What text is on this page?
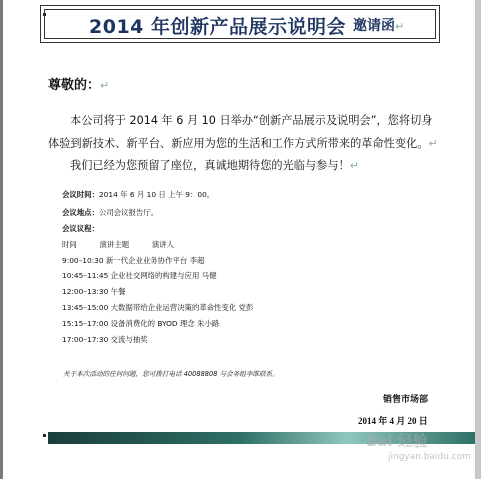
2014 年创新产品展示说明会 邀请函↵
尊敬的：↵
本公司将于 2014 年 6 月 10 日举办“创新产品展示及说明会”，您将切身
体验到新技术、新平台、新应用为您的生活和工作方式所带来的革命性变化。↵
我们已经为您预留了座位，真诚地期待您的光临与参与！↵
会议时间：2014 年 6 月 10 日 上午 9：00。
会议地点：公司会议报告厅。
会议议程：
时间	演讲主题	演讲人
9:00–10:30 新一代企业业务协作平台 李超
10:45–11:45 企业社交网络的构建与应用 马健
12:00–13:30 午餐
13:45–15:00 大数据带给企业运营决策的革命性变化 党彭
15:15–17:00 设备消费化的 BYOD 理念 朱小路
17:00–17:30 交流与抽奖
关于本次活动的任何问题，您可拨打电话 40088808 与会务组李维联系。
销售市场部
2014 年 4 月 20 日
Bai 经验
jingyan.baidu.com
